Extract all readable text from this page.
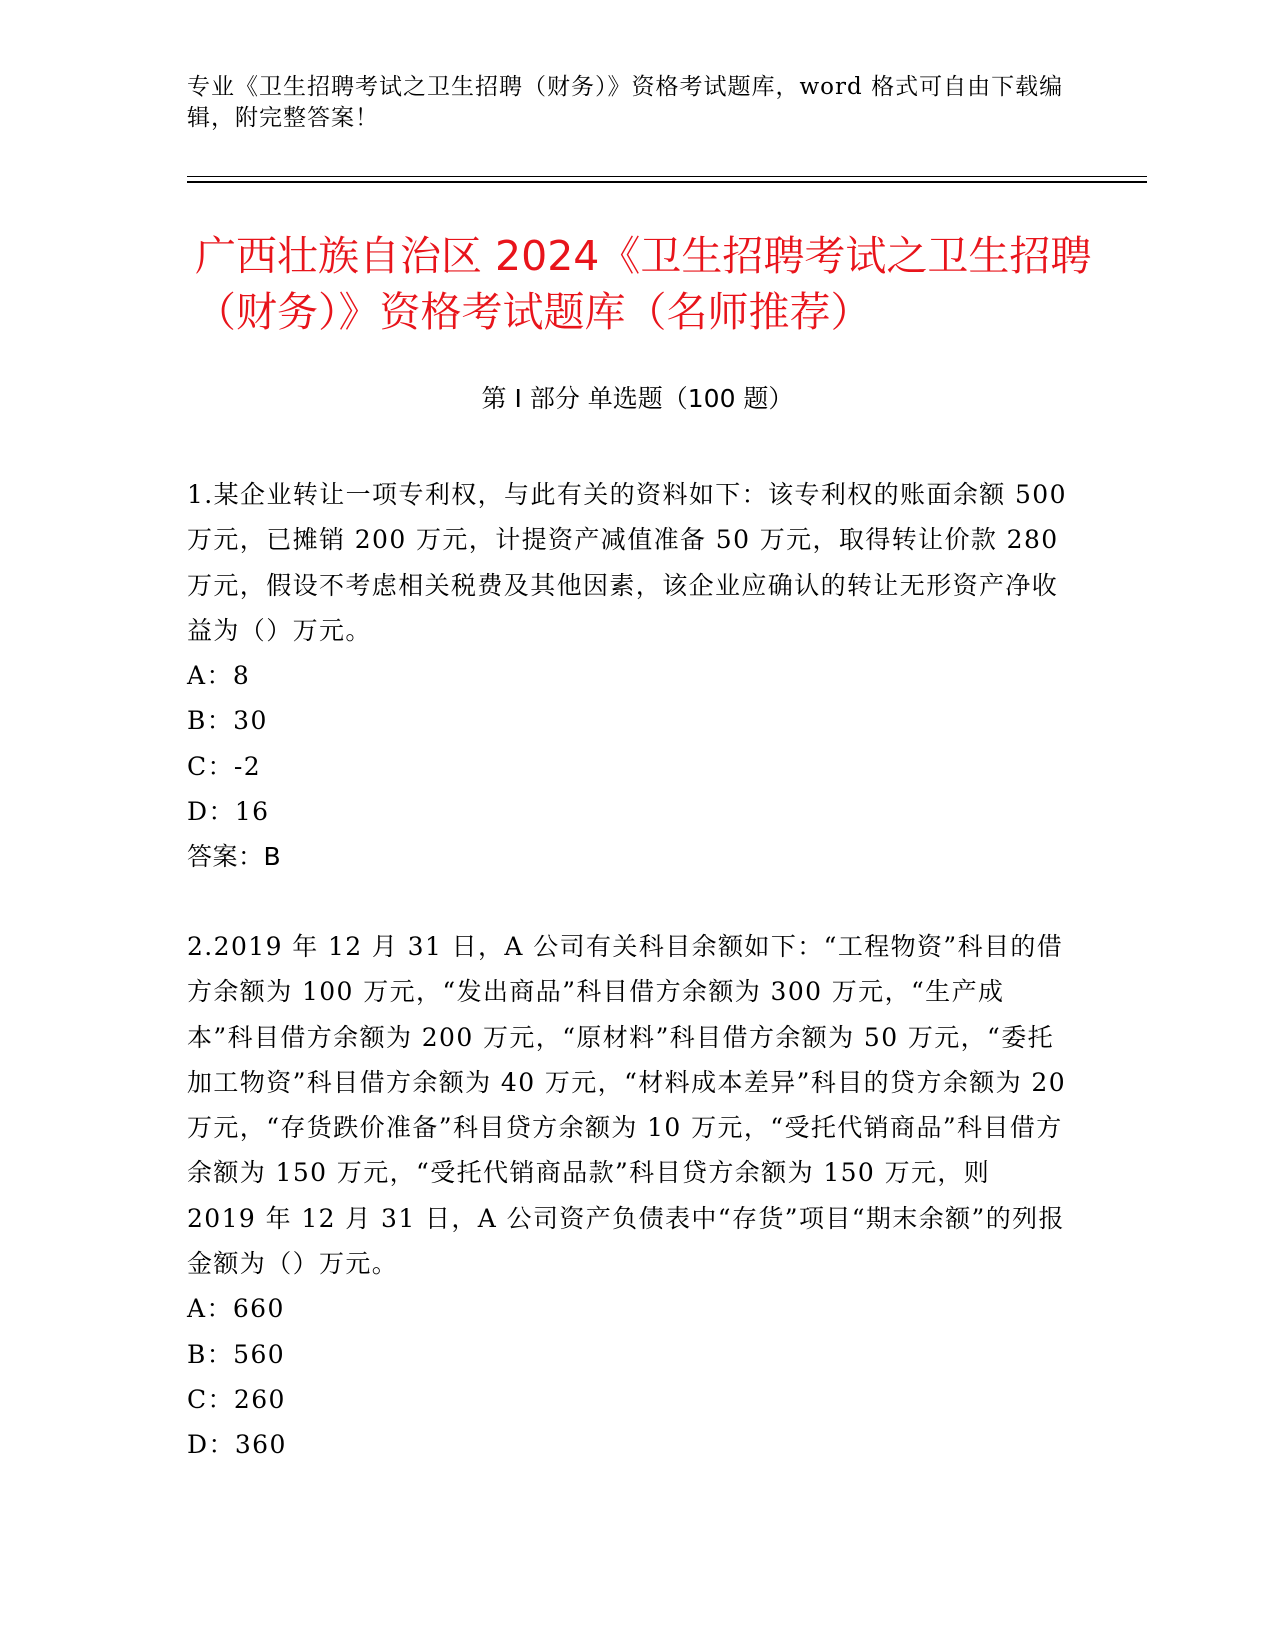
专业《卫生招聘考试之卫生招聘（财务）》资格考试题库，word 格式可自由下载编辑，附完整答案！
广西壮族自治区 2024《卫生招聘考试之卫生招聘（财务）》资格考试题库（名师推荐）
第 I 部分 单选题（100 题）

1.某企业转让一项专利权，与此有关的资料如下：该专利权的账面余额 500 万元，已摊销 200 万元，计提资产减值准备 50 万元，取得转让价款 280 万元，假设不考虑相关税费及其他因素，该企业应确认的转让无形资产净收益为（）万元。

A：8

B：30

C：-2

D：16

答案：B

2.2019 年 12 月 31 日，A 公司有关科目余额如下：“工程物资”科目的借方余额为 100 万元，“发出商品”科目借方余额为 300 万元，“生产成本”科目借方余额为 200 万元，“原材料”科目借方余额为 50 万元，“委托加工物资”科目借方余额为 40 万元，“材料成本差异”科目的贷方余额为 20 万元，“存货跌价准备”科目贷方余额为 10 万元，“受托代销商品”科目借方余额为 150 万元，“受托代销商品款”科目贷方余额为 150 万元，则 2019 年 12 月 31 日，A 公司资产负债表中“存货”项目“期末余额”的列报金额为（）万元。

A：660

B：560

C：260

D：360
